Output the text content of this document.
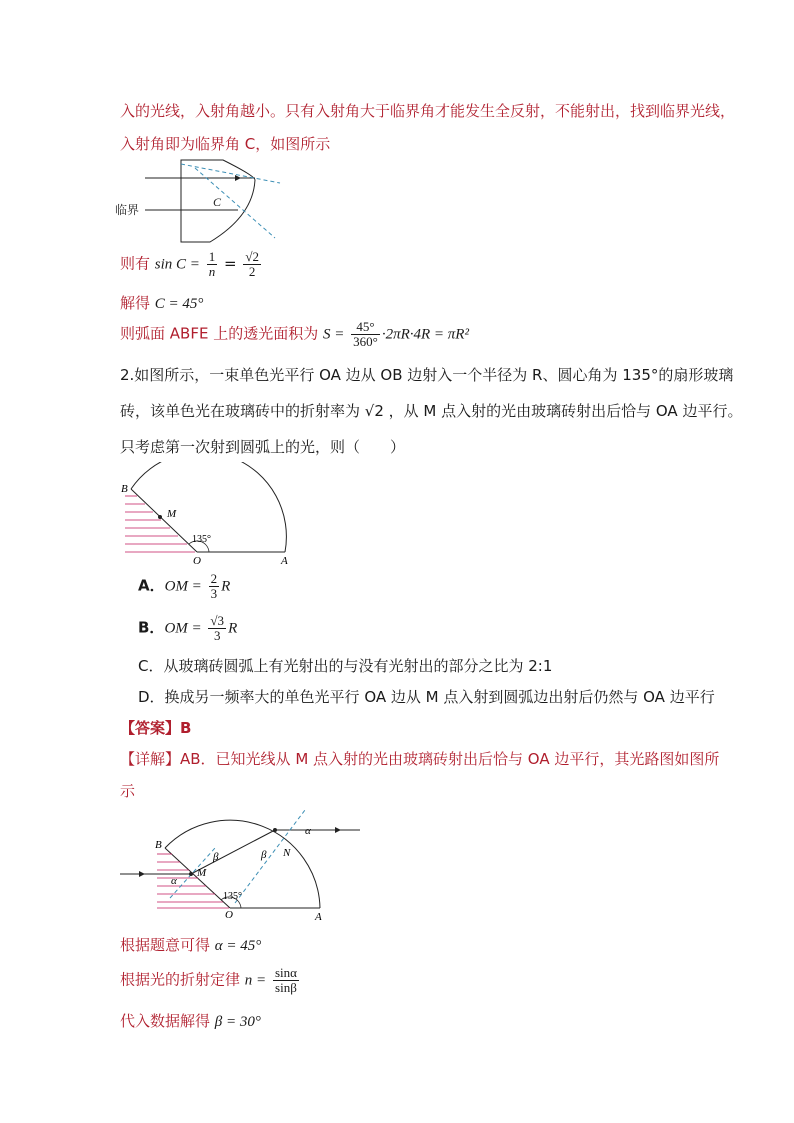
入的光线，入射角越小。只有入射角大于临界角才能发生全反射，不能射出，找到临界光线，
入射角即为临界角 C，如图所示
临界
C
则有 $\sin C = \frac{1}{n} = \frac{√2}{2}$
解得 C = 45°
则弧面 ABFE 上的透光面积为 $S = \frac{45^\circ}{360^\circ} \cdot 2\pi R\cdot 4R = \pi R^2$
2.如图所示，一束单色光平行 OA 边从 OB 边射入一个半径为 R、圆心角为 135°的扇形玻璃
砖，该单色光在玻璃砖中的折射率为 √2 ，从 M 点入射的光由玻璃砖射出后恰与 OA 边平行。
只考虑第一次射到圆弧上的光，则（　　）
B
M
135°
O	A
A．OM = $\frac{2}{3}$ R
B．OM = $\frac{√3}{3}$ R
C．从玻璃砖圆弧上有光射出的与没有光射出的部分之比为 2:1
D．换成另一频率大的单色光平行 OA 边从 M 点入射到圆弧边出射后仍然与 OA 边平行
【答案】B
【详解】AB．已知光线从 M 点入射的光由玻璃砖射出后恰与 OA 边平行，其光路图如图所
示
B
M
O	A
N
α
α
β	β
135°
根据题意可得 α = 45°
根据光的折射定律 $n = \frac{\sin\alpha}{\sin\beta}$
代入数据解得 β = 30°
